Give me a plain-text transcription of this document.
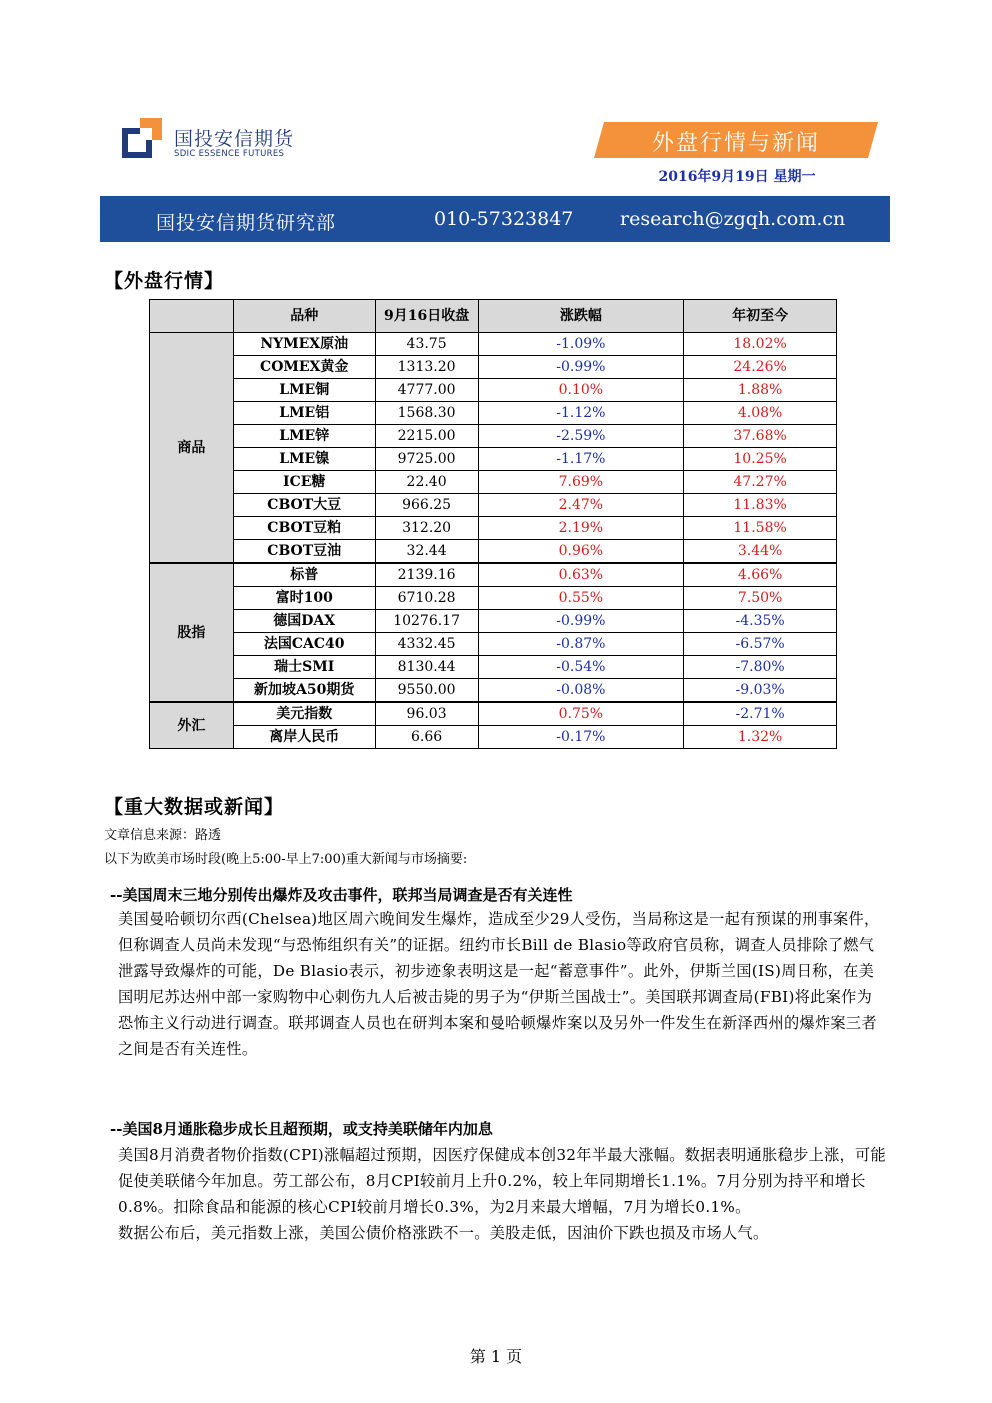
国投安信期货
SDIC ESSENCE FUTURES	外盘行情与新闻
2016年9月19日 星期一
国投安信期货研究部	010-57323847 research@zgqh.com.cn
【外盘行情】
	品种	9月16日收盘	涨跌幅	年初至今
商品	NYMEX原油	43.75	-1.09%	18.02%
	COMEX黄金	1313.20	-0.99%	24.26%
	LME铜	4777.00	0.10%	1.88%
	LME铝	1568.30	-1.12%	4.08%
	LME锌	2215.00	-2.59%	37.68%
	LME镍	9725.00	-1.17%	10.25%
	ICE糖	22.40	7.69%	47.27%
	CBOT大豆	966.25	2.47%	11.83%
	CBOT豆粕	312.20	2.19%	11.58%
	CBOT豆油	32.44	0.96%	3.44%
股指	标普	2139.16	0.63%	4.66%
	富时100	6710.28	0.55%	7.50%
	德国DAX	10276.17	-0.99%	-4.35%
	法国CAC40	4332.45	-0.87%	-6.57%
	瑞士SMI	8130.44	-0.54%	-7.80%
	新加坡A50期货	9550.00	-0.08%	-9.03%
外汇	美元指数	96.03	0.75%	-2.71%
	离岸人民币	6.66	-0.17%	1.32%
【重大数据或新闻】
文章信息来源：路透
以下为欧美市场时段(晚上5:00-早上7:00)重大新闻与市场摘要:
--美国周末三地分别传出爆炸及攻击事件，联邦当局调查是否有关连性

美国曼哈顿切尔西(Chelsea)地区周六晚间发生爆炸，造成至少29人受伤，当局称这是一起有预谋的刑事案件，但称调查人员尚未发现“与恐怖组织有关”的证据。纽约市长Bill de Blasio等政府官员称，调查人员排除了燃气泄露导致爆炸的可能，De Blasio表示，初步迹象表明这是一起“蓄意事件”。此外，伊斯兰国(IS)周日称，在美国明尼苏达州中部一家购物中心刺伤九人后被击毙的男子为“伊斯兰国战士”。美国联邦调查局(FBI)将此案作为恐怖主义行动进行调查。联邦调查人员也在研判本案和曼哈顿爆炸案以及另外一件发生在新泽西州的爆炸案三者之间是否有关连性。

--美国8月通胀稳步成长且超预期，或支持美联储年内加息

美国8月消费者物价指数(CPI)涨幅超过预期，因医疗保健成本创32年半最大涨幅。数据表明通胀稳步上涨，可能促使美联储今年加息。劳工部公布，8月CPI较前月上升0.2%，较上年同期增长1.1%。7月分别为持平和增长0.8%。扣除食品和能源的核心CPI较前月增长0.3%，为2月来最大增幅，7月为增长0.1%。

数据公布后，美元指数上涨，美国公债价格涨跌不一。美股走低，因油价下跌也损及市场人气。

第 1 页
